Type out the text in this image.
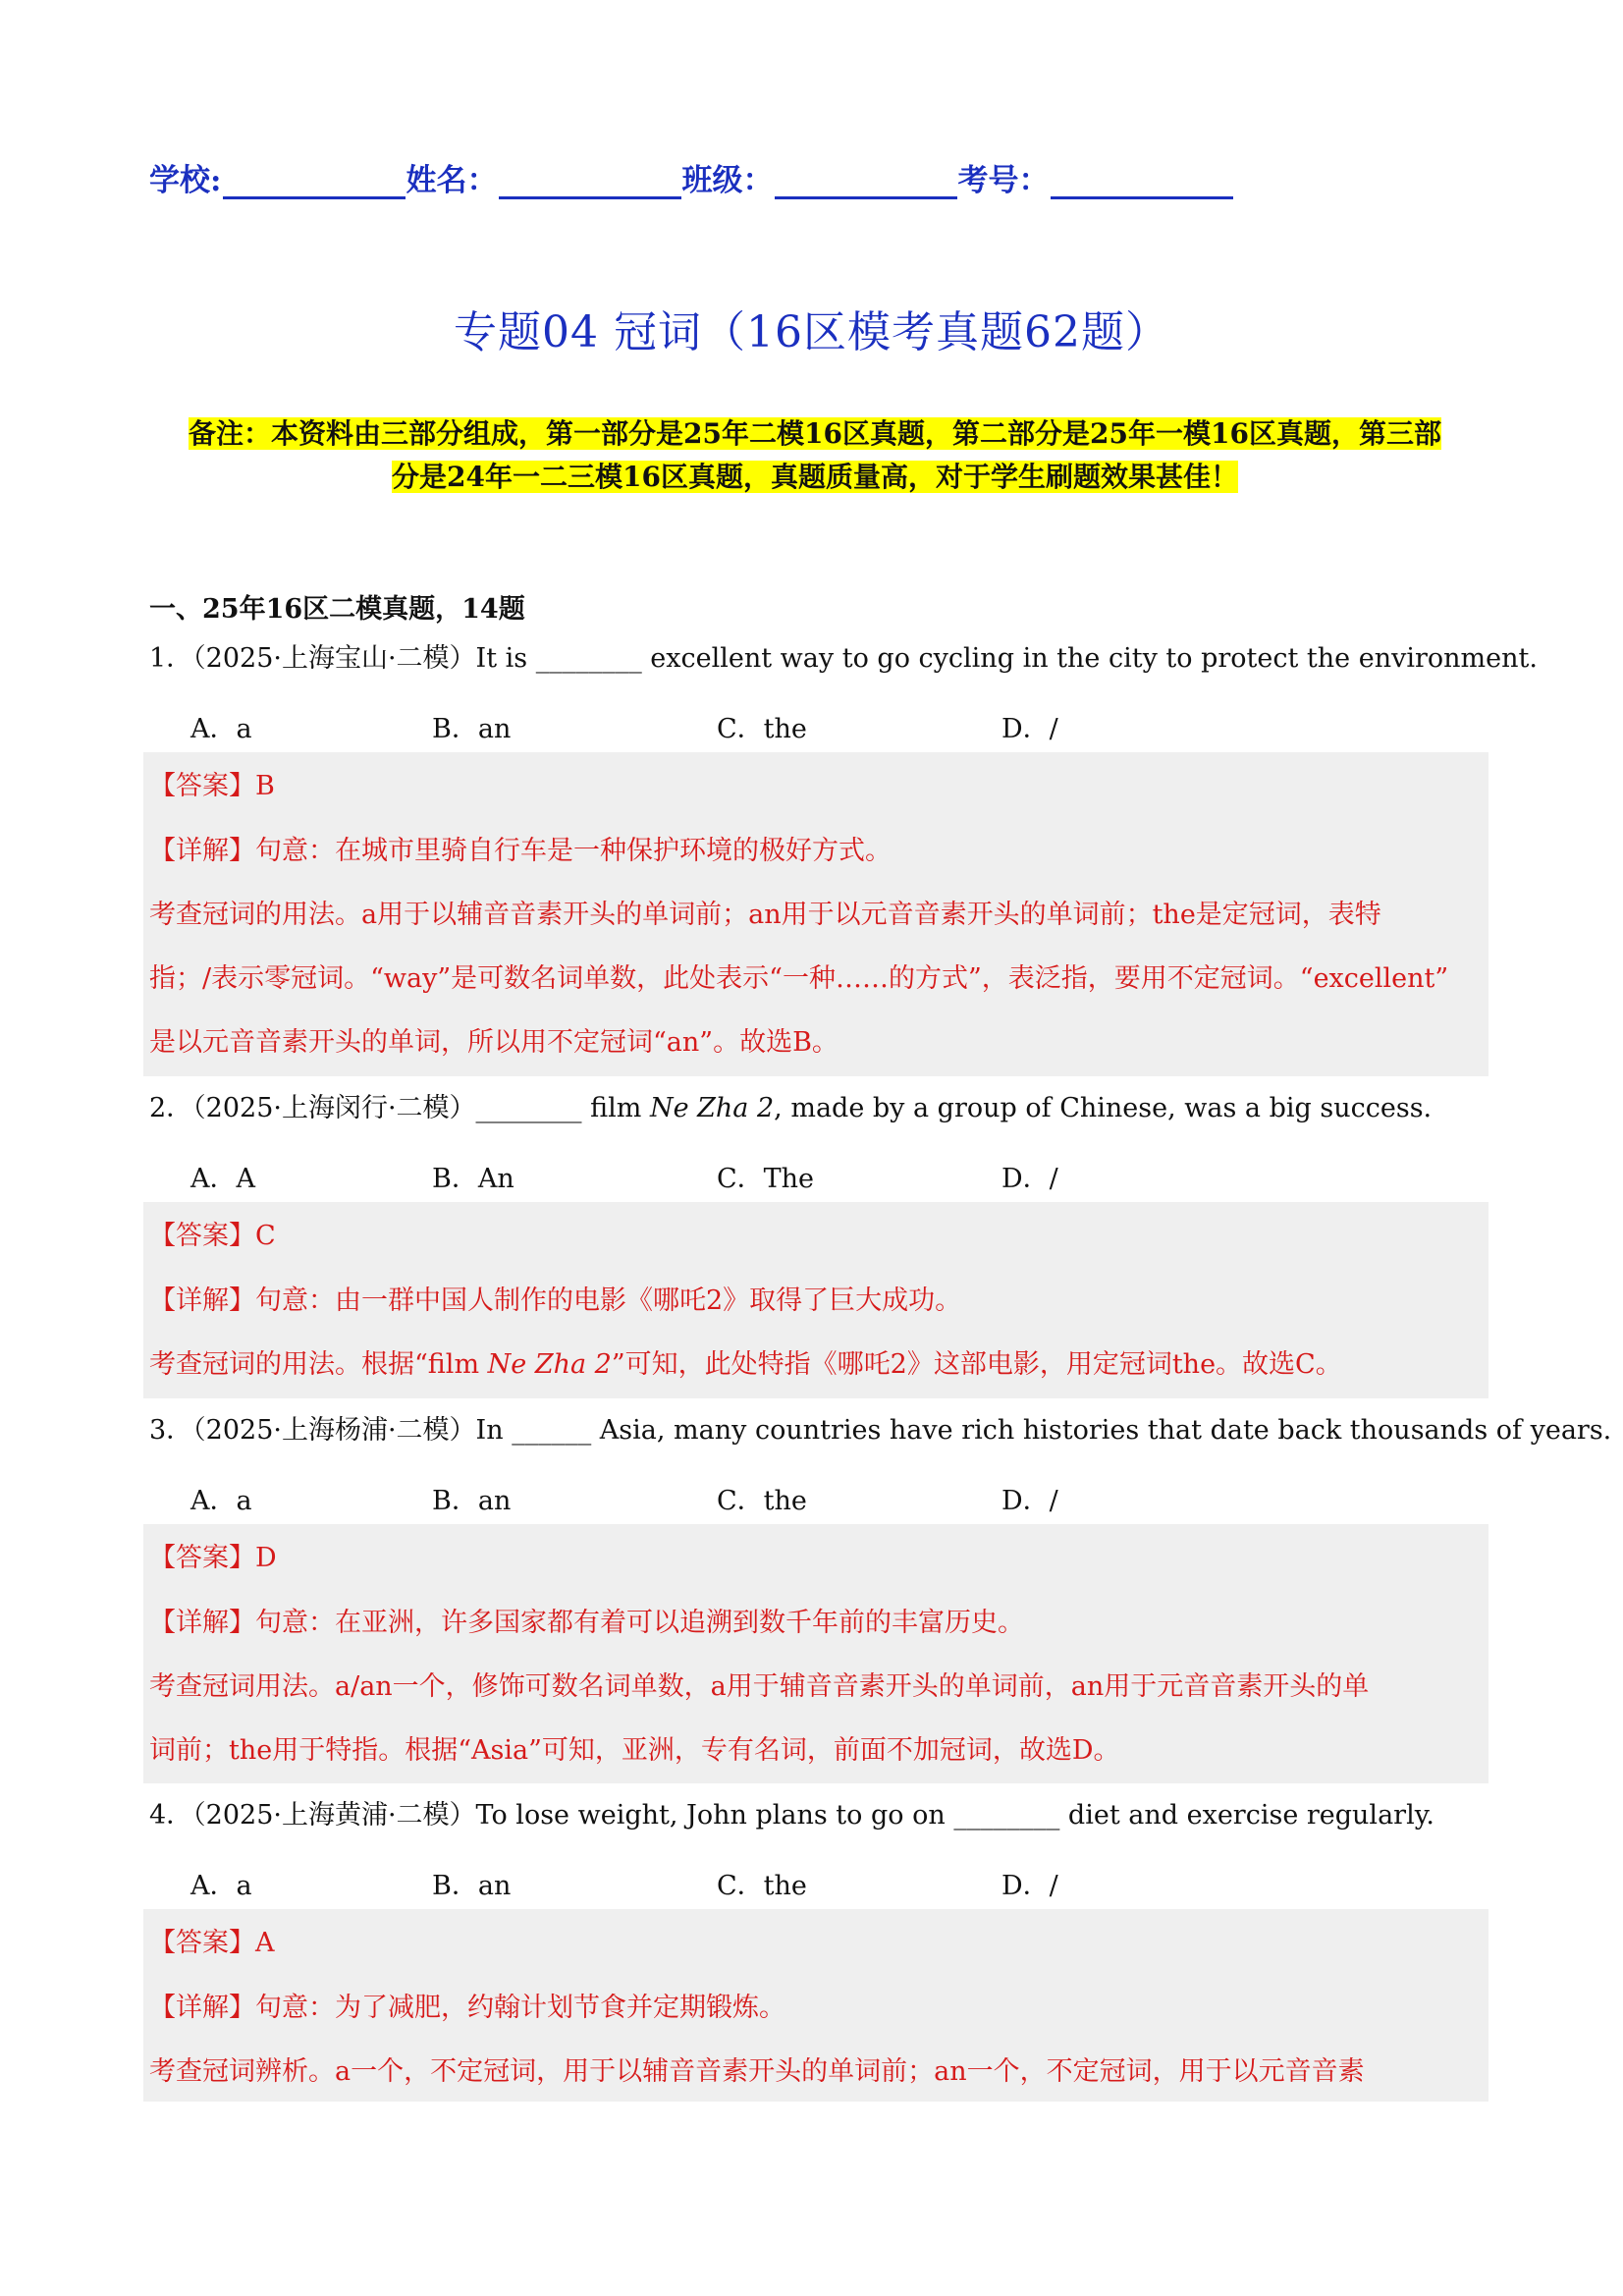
学校:	姓名：	班级：	考号：
专题04 冠词（16区模考真题62题）
备注：本资料由三部分组成，第一部分是25年二模16区真题，第二部分是25年一模16区真题，第三部
分是24年一二三模16区真题，真题质量高，对于学生刷题效果甚佳！
一、25年16区二模真题，14题
1．（2025·上海宝山·二模）It is ________ excellent way to go cycling in the city to protect the environment.
A．a	B．an	C．the	D．/
【答案】B
【详解】句意：在城市里骑自行车是一种保护环境的极好方式。
考查冠词的用法。a用于以辅音音素开头的单词前；an用于以元音音素开头的单词前；the是定冠词，表特
指；/表示零冠词。“way”是可数名词单数，此处表示“一种……的方式”，表泛指，要用不定冠词。“excellent”
是以元音音素开头的单词，所以用不定冠词“an”。故选B。
2．（2025·上海闵行·二模）________ film Ne Zha 2, made by a group of Chinese, was a big success.
A．A	B．An	C．The	D．/
【答案】C
【详解】句意：由一群中国人制作的电影《哪吒2》取得了巨大成功。
考查冠词的用法。根据“film Ne Zha 2”可知，此处特指《哪吒2》这部电影，用定冠词the。故选C。
3．（2025·上海杨浦·二模）In ______ Asia, many countries have rich histories that date back thousands of years.
A．a	B．an	C．the	D．/
【答案】D
【详解】句意：在亚洲，许多国家都有着可以追溯到数千年前的丰富历史。
考查冠词用法。a/an一个，修饰可数名词单数，a用于辅音音素开头的单词前，an用于元音音素开头的单
词前；the用于特指。根据“Asia”可知，亚洲，专有名词，前面不加冠词，故选D。
4．（2025·上海黄浦·二模）To lose weight, John plans to go on ________ diet and exercise regularly.
A．a	B．an	C．the	D．/
【答案】A
【详解】句意：为了减肥，约翰计划节食并定期锻炼。
考查冠词辨析。a一个，不定冠词，用于以辅音音素开头的单词前；an一个，不定冠词，用于以元音音素
